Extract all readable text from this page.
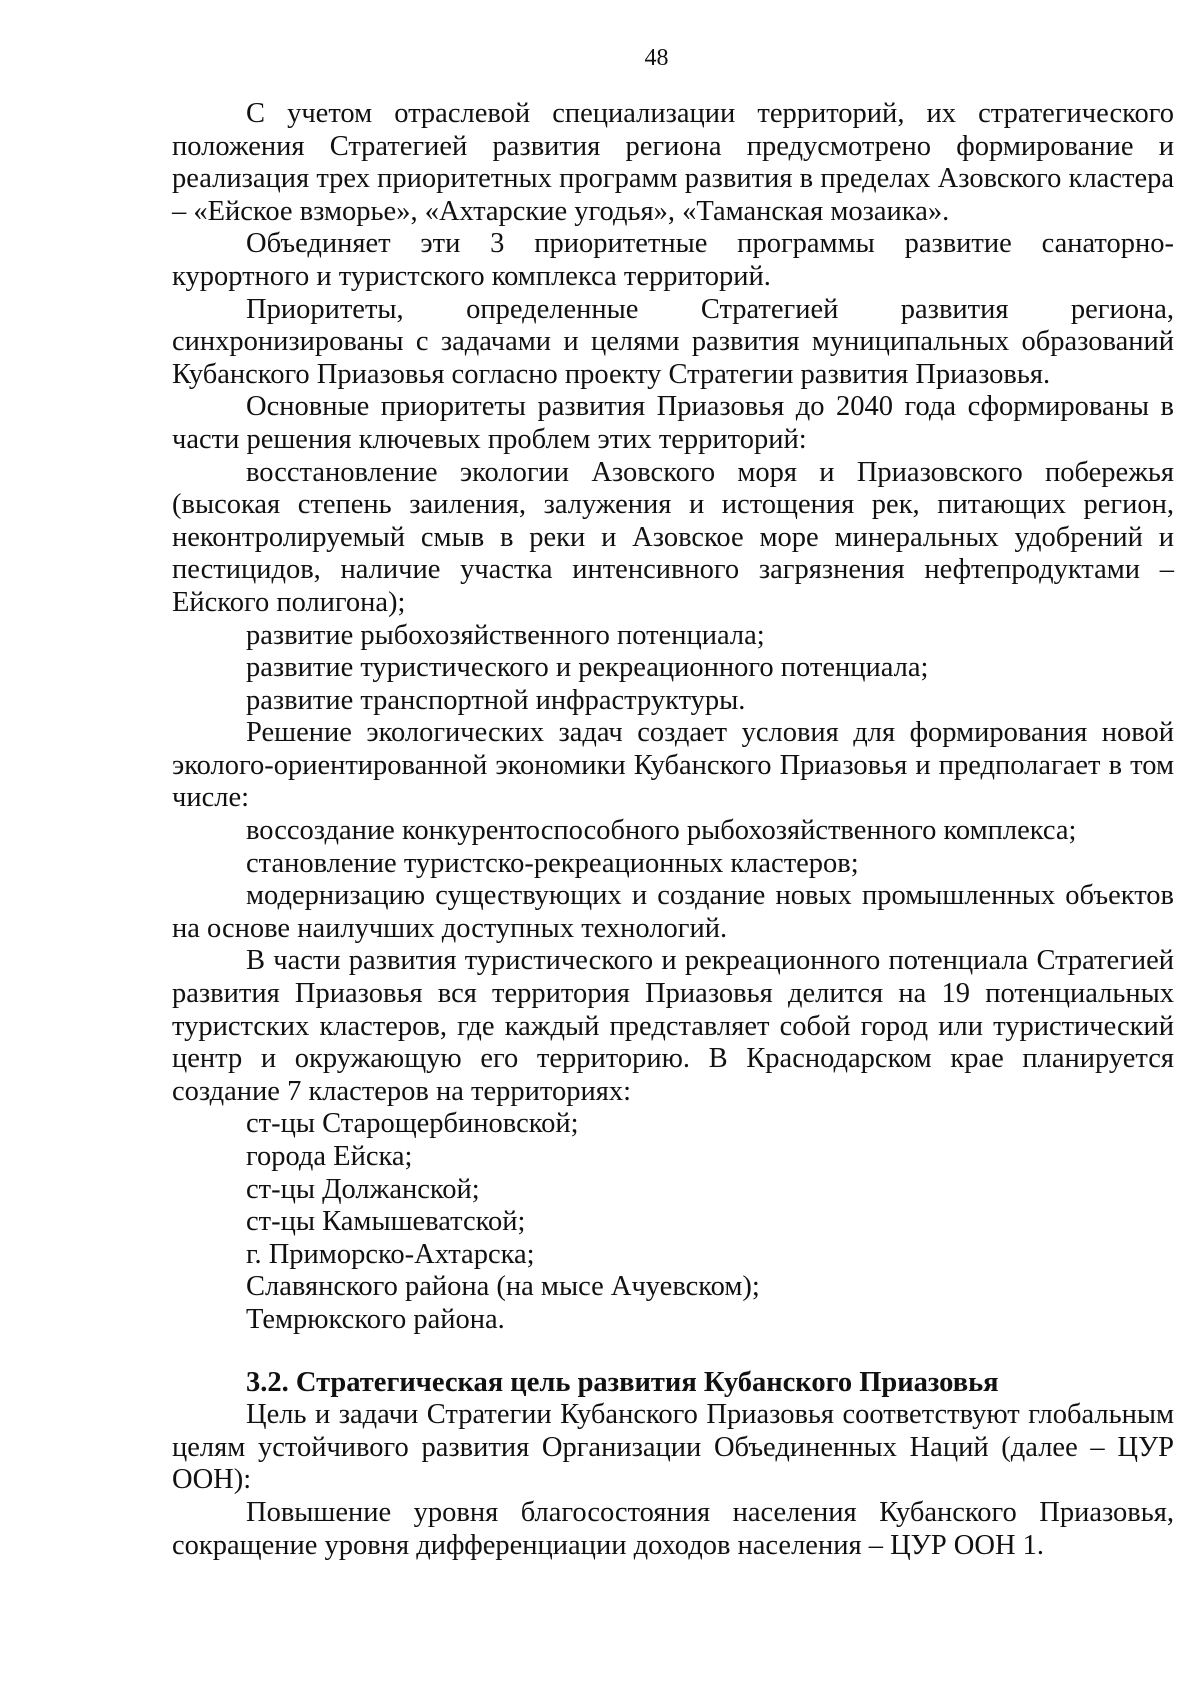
48

С учетом отраслевой специализации территорий, их стратегического положения Стратегией развития региона предусмотрено формирование и реализация трех приоритетных программ развития в пределах Азовского кластера – «Ейское взморье», «Ахтарские угодья», «Таманская мозаика».

Объединяет эти 3 приоритетные программы развитие санаторно-курортного и туристского комплекса территорий.

Приоритеты, определенные Стратегией развития региона, синхронизированы с задачами и целями развития муниципальных образований Кубанского Приазовья согласно проекту Стратегии развития Приазовья.

Основные приоритеты развития Приазовья до 2040 года сформированы в части решения ключевых проблем этих территорий:

восстановление экологии Азовского моря и Приазовского побережья (высокая степень заиления, залужения и истощения рек, питающих регион, неконтролируемый смыв в реки и Азовское море минеральных удобрений и пестицидов, наличие участка интенсивного загрязнения нефтепродуктами – Ейского полигона);

развитие рыбохозяйственного потенциала;

развитие туристического и рекреационного потенциала;

развитие транспортной инфраструктуры.

Решение экологических задач создает условия для формирования новой эколого-ориентированной экономики Кубанского Приазовья и предполагает в том числе:

воссоздание конкурентоспособного рыбохозяйственного комплекса;

становление туристско-рекреационных кластеров;

модернизацию существующих и создание новых промышленных объектов на основе наилучших доступных технологий.

В части развития туристического и рекреационного потенциала Стратегией развития Приазовья вся территория Приазовья делится на 19 потенциальных туристских кластеров, где каждый представляет собой город или туристический центр и окружающую его территорию. В Краснодарском крае планируется создание 7 кластеров на территориях:

ст-цы Старощербиновской;

города Ейска;

ст-цы Должанской;

ст-цы Камышеватской;

г. Приморско-Ахтарска;

Славянского района (на мысе Ачуевском);

Темрюкского района.

3.2. Стратегическая цель развития Кубанского Приазовья

Цель и задачи Стратегии Кубанского Приазовья соответствуют глобальным целям устойчивого развития Организации Объединенных Наций (далее – ЦУР ООН):

Повышение уровня благосостояния населения Кубанского Приазовья, сокращение уровня дифференциации доходов населения – ЦУР ООН 1.
